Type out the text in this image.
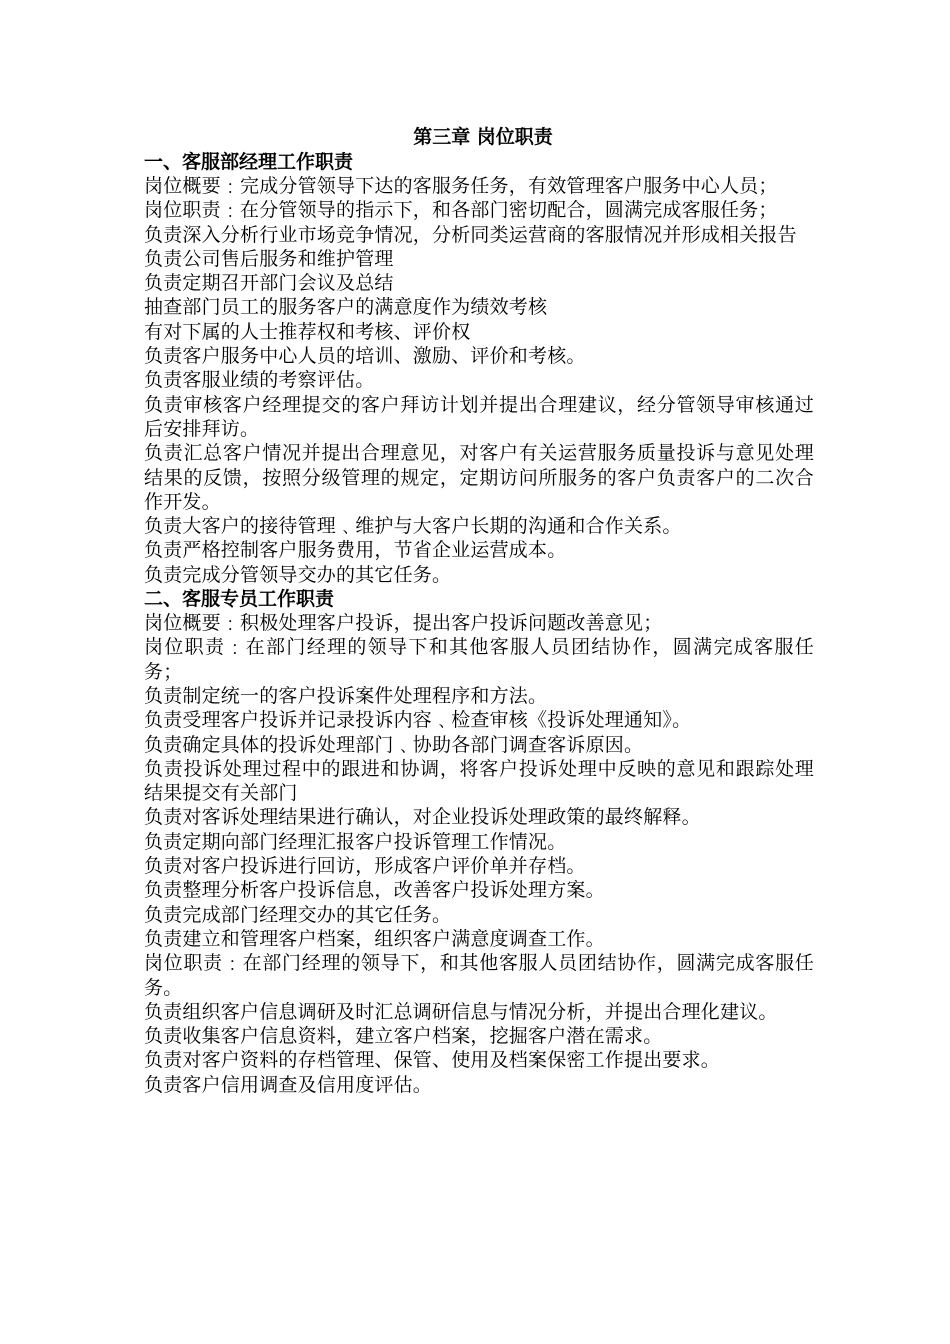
第三章 岗位职责
一、客服部经理工作职责
岗位概要﹕完成分管领导下达的客服务任务，有效管理客户服务中心人员；
岗位职责﹕在分管领导的指示下，和各部门密切配合，圆满完成客服任务；
负责深入分析行业市场竞争情况，分析同类运营商的客服情况并形成相关报告
负责公司售后服务和维护管理
负责定期召开部门会议及总结
抽查部门员工的服务客户的满意度作为绩效考核
有对下属的人士推荐权和考核、评价权
负责客户服务中心人员的培训、激励、评价和考核。
负责客服业绩的考察评估。
负责审核客户经理提交的客户拜访计划并提出合理建议，经分管领导审核通过后安排拜访。
负责汇总客户情况并提出合理意见，对客户有关运营服务质量投诉与意见处理结果的反馈，按照分级管理的规定，定期访问所服务的客户负责客户的二次合作开发。
负责大客户的接待管理﹑维护与大客户长期的沟通和合作关系。
负责严格控制客户服务费用，节省企业运营成本。
负责完成分管领导交办的其它任务。
二、客服专员工作职责
岗位概要﹕积极处理客户投诉，提出客户投诉问题改善意见；
岗位职责﹕在部门经理的领导下和其他客服人员团结协作，圆满完成客服任务；
负责制定统一的客户投诉案件处理程序和方法。
负责受理客户投诉并记录投诉内容﹑检查审核《投诉处理通知》。
负责确定具体的投诉处理部门﹑协助各部门调查客诉原因。
负责投诉处理过程中的跟进和协调，将客户投诉处理中反映的意见和跟踪处理结果提交有关部门
负责对客诉处理结果进行确认，对企业投诉处理政策的最终解释。
负责定期向部门经理汇报客户投诉管理工作情况。
负责对客户投诉进行回访，形成客户评价单并存档。
负责整理分析客户投诉信息，改善客户投诉处理方案。
负责完成部门经理交办的其它任务。
负责建立和管理客户档案，组织客户满意度调查工作。
岗位职责﹕在部门经理的领导下，和其他客服人员团结协作，圆满完成客服任务。
负责组织客户信息调研及时汇总调研信息与情况分析，并提出合理化建议。
负责收集客户信息资料，建立客户档案，挖掘客户潜在需求。
负责对客户资料的存档管理、保管、使用及档案保密工作提出要求。
负责客户信用调查及信用度评估。
